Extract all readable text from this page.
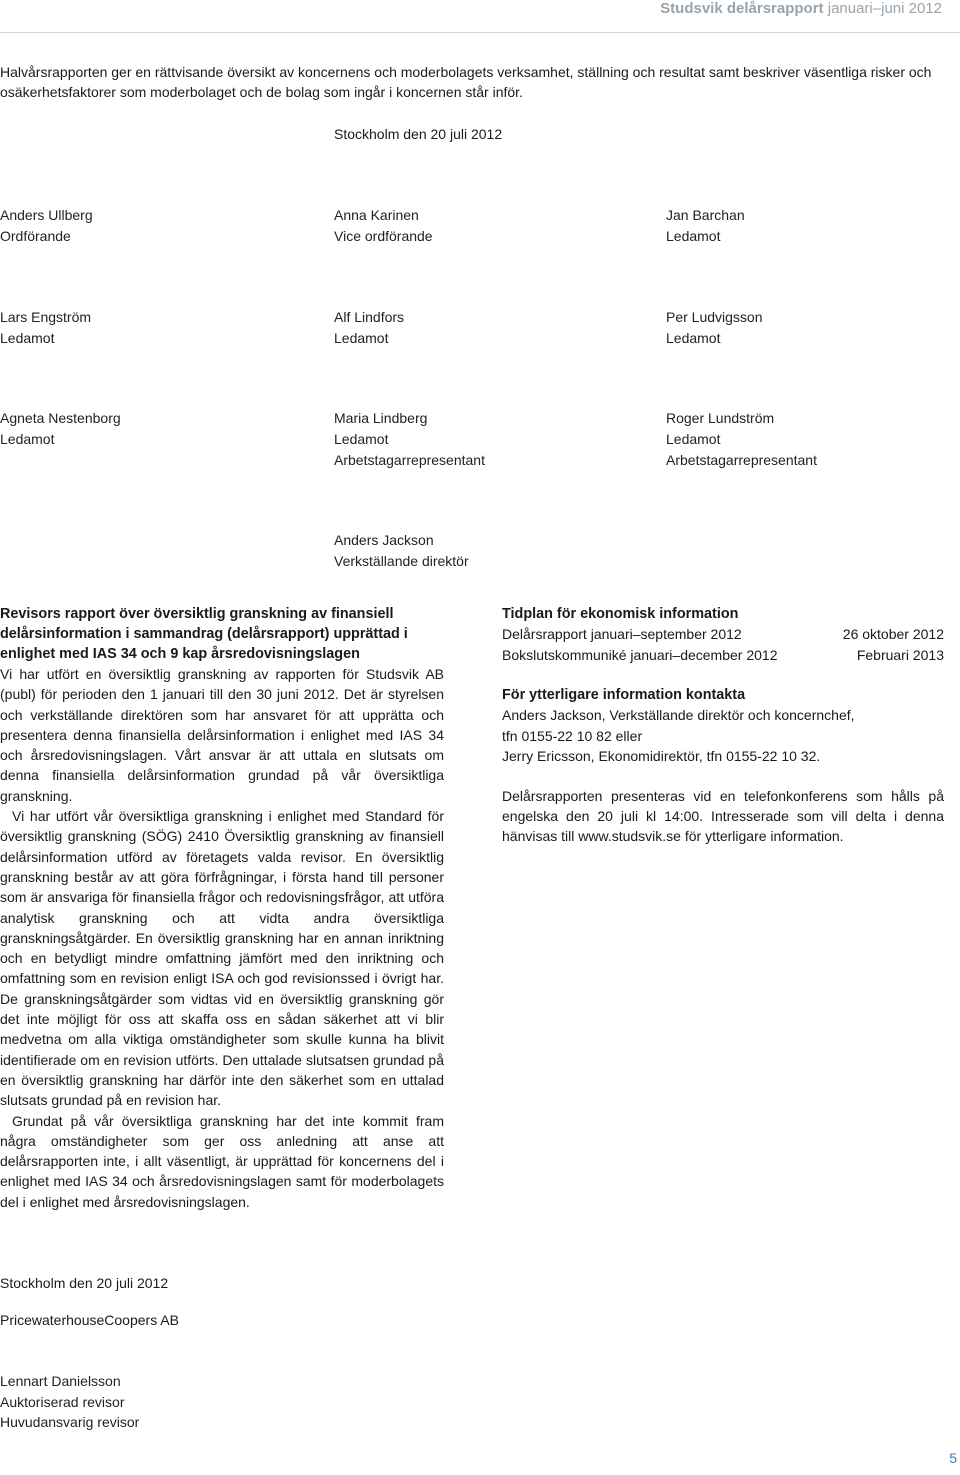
Studsvik delårsrapport januari–juni 2012
Halvårsrapporten ger en rättvisande översikt av koncernens och moderbolagets verksamhet, ställning och resultat samt beskriver väsentliga risker och osäkerhetsfaktorer som moderbolaget och de bolag som ingår i koncernen står inför.
Stockholm den 20 juli 2012
Anders Ullberg
Ordförande
Anna Karinen
Vice ordförande
Jan Barchan
Ledamot
Lars Engström
Ledamot
Alf Lindfors
Ledamot
Per Ludvigsson
Ledamot
Agneta Nestenborg
Ledamot
Maria Lindberg
Ledamot
Arbetstagarrepresentant
Roger Lundström
Ledamot
Arbetstagarrepresentant
Anders Jackson
Verkställande direktör
Revisors rapport över översiktlig granskning av finansiell delårsinformation i sammandrag (delårsrapport) upprättad i enlighet med IAS 34 och 9 kap årsredovisningslagen

Vi har utfört en översiktlig granskning av rapporten för Studsvik AB (publ) för perioden den 1 januari till den 30 juni 2012. Det är styrelsen och verkställande direktören som har ansvaret för att upprätta och presentera denna finansiella delårsinformation i enlighet med IAS 34 och årsredovisningslagen. Vårt ansvar är att uttala en slutsats om denna finansiella delårsinformation grundad på vår översiktliga granskning.

Vi har utfört vår översiktliga granskning i enlighet med Standard för översiktlig granskning (SÖG) 2410 Översiktlig granskning av finansiell delårsinformation utförd av företagets valda revisor. En översiktlig granskning består av att göra förfrågningar, i första hand till personer som är ansvariga för finansiella frågor och redovisningsfrågor, att utföra analytisk granskning och att vidta andra översiktliga granskningsåtgärder. En översiktlig granskning har en annan inriktning och en betydligt mindre omfattning jämfört med den inriktning och omfattning som en revision enligt ISA och god revisionssed i övrigt har. De granskningsåtgärder som vidtas vid en översiktlig granskning gör det inte möjligt för oss att skaffa oss en sådan säkerhet att vi blir medvetna om alla viktiga omständigheter som skulle kunna ha blivit identifierade om en revision utförts. Den uttalade slutsatsen grundad på en översiktlig granskning har därför inte den säkerhet som en uttalad slutsats grundad på en revision har.

Grundat på vår översiktliga granskning har det inte kommit fram några omständigheter som ger oss anledning att anse att delårsrapporten inte, i allt väsentligt, är upprättad för koncernens del i enlighet med IAS 34 och årsredovisningslagen samt för moderbolagets del i enlighet med årsredovisningslagen.

Stockholm den 20 juli 2012
PricewaterhouseCoopers AB
Lennart Danielsson
Auktoriserad revisor
Huvudansvarig revisor
Tidplan för ekonomisk information
Delårsrapport januari–september 2012	26 oktober 2012
Bokslutskommuniké januari–december 2012	Februari 2013
För ytterligare information kontakta
Anders Jackson, Verkställande direktör och koncernchef,
tfn 0155-22 10 82 eller
Jerry Ericsson, Ekonomidirektör, tfn 0155-22 10 32.
Delårsrapporten presenteras vid en telefonkonferens som hålls på engelska den 20 juli kl 14:00. Intresserade som vill delta i denna hänvisas till www.studsvik.se för ytterligare information.
5
